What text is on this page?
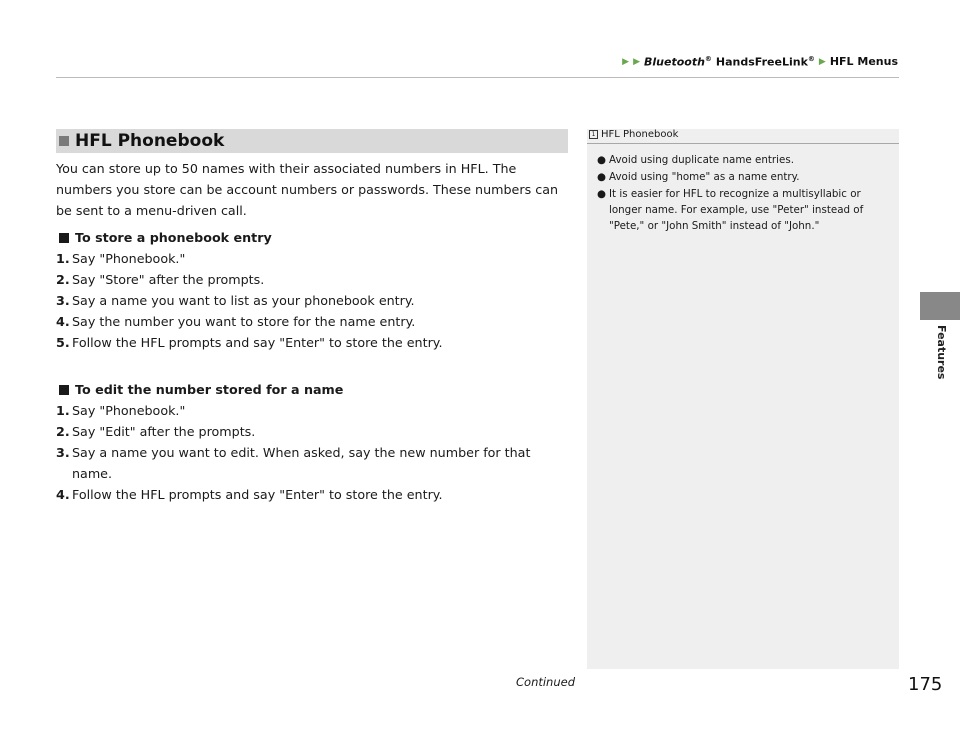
▶ ▶ Bluetooth® HandsFreeLink® ▶ HFL Menus
HFL Phonebook

You can store up to 50 names with their associated numbers in HFL. The numbers you store can be account numbers or passwords. These numbers can be sent to a menu-driven call.

To store a phonebook entry
1. Say "Phonebook."
2. Say "Store" after the prompts.
3. Say a name you want to list as your phonebook entry.
4. Say the number you want to store for the name entry.
5. Follow the HFL prompts and say "Enter" to store the entry.
To edit the number stored for a name
1. Say "Phonebook."
2. Say "Edit" after the prompts.
3. Say a name you want to edit. When asked, say the new number for that name.
4. Follow the HFL prompts and say "Enter" to store the entry.
1 HFL Phonebook
● Avoid using duplicate name entries.
● Avoid using "home" as a name entry.
● It is easier for HFL to recognize a multisyllabic or longer name. For example, use "Peter" instead of "Pete," or "John Smith" instead of "John."
Features
Continued	175
